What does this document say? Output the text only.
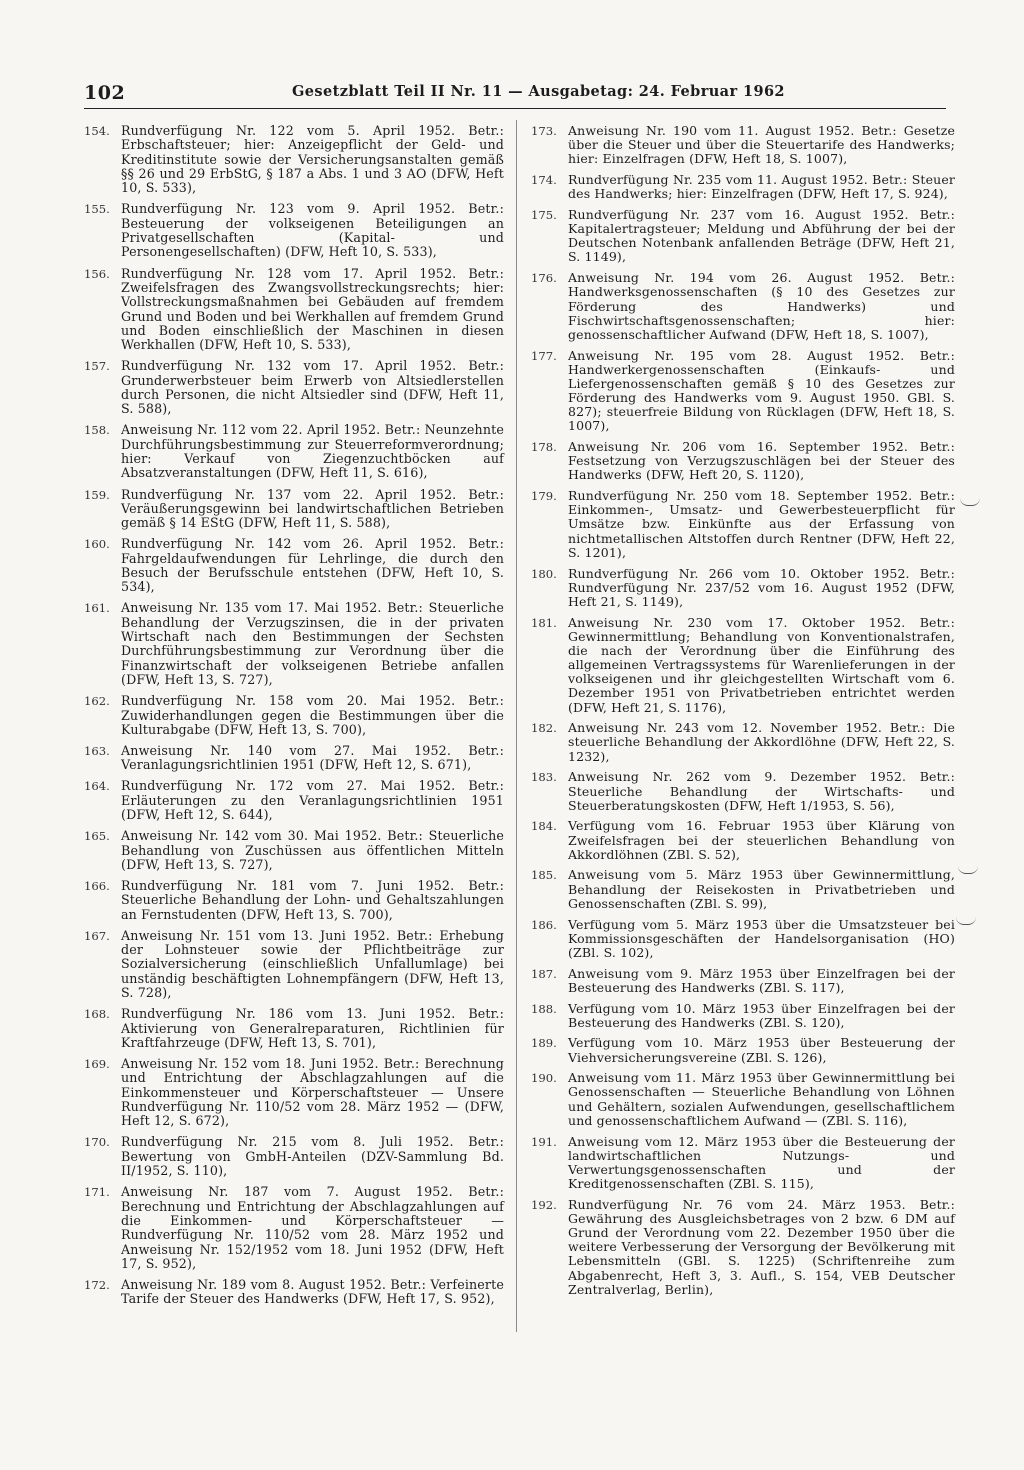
102	Gesetzblatt Teil II Nr. 11 — Ausgabetag: 24. Februar 1962
154. Rundverfügung Nr. 122 vom 5. April 1952. Betr.: Erbschaftsteuer; hier: Anzeigepflicht der Geld- und Kreditinstitute sowie der Versicherungsanstalten gemäß §§ 26 und 29 ErbStG, § 187 a Abs. 1 und 3 AO (DFW, Heft 10, S. 533),
155. Rundverfügung Nr. 123 vom 9. April 1952. Betr.: Besteuerung der volkseigenen Beteiligungen an Privatgesellschaften (Kapital- und Personengesellschaften) (DFW, Heft 10, S. 533),
156. Rundverfügung Nr. 128 vom 17. April 1952. Betr.: Zweifelsfragen des Zwangsvollstreckungsrechts; hier: Vollstreckungsmaßnahmen bei Gebäuden auf fremdem Grund und Boden und bei Werkhallen auf fremdem Grund und Boden einschließlich der Maschinen in diesen Werkhallen (DFW, Heft 10, S. 533),
157. Rundverfügung Nr. 132 vom 17. April 1952. Betr.: Grunderwerbsteuer beim Erwerb von Altsiedlerstellen durch Personen, die nicht Altsiedler sind (DFW, Heft 11, S. 588),
158. Anweisung Nr. 112 vom 22. April 1952. Betr.: Neunzehnte Durchführungsbestimmung zur Steuerreformverordnung; hier: Verkauf von Ziegenzuchtböcken auf Absatzveranstaltungen (DFW, Heft 11, S. 616),
159. Rundverfügung Nr. 137 vom 22. April 1952. Betr.: Veräußerungsgewinn bei landwirtschaftlichen Betrieben gemäß § 14 EStG (DFW, Heft 11, S. 588),
160. Rundverfügung Nr. 142 vom 26. April 1952. Betr.: Fahrgeldaufwendungen für Lehrlinge, die durch den Besuch der Berufsschule entstehen (DFW, Heft 10, S. 534),
161. Anweisung Nr. 135 vom 17. Mai 1952. Betr.: Steuerliche Behandlung der Verzugszinsen, die in der privaten Wirtschaft nach den Bestimmungen der Sechsten Durchführungsbestimmung zur Verordnung über die Finanzwirtschaft der volkseigenen Betriebe anfallen (DFW, Heft 13, S. 727),
162. Rundverfügung Nr. 158 vom 20. Mai 1952. Betr.: Zuwiderhandlungen gegen die Bestimmungen über die Kulturabgabe (DFW, Heft 13, S. 700),
163. Anweisung Nr. 140 vom 27. Mai 1952. Betr.: Veranlagungsrichtlinien 1951 (DFW, Heft 12, S. 671),
164. Rundverfügung Nr. 172 vom 27. Mai 1952. Betr.: Erläuterungen zu den Veranlagungsrichtlinien 1951 (DFW, Heft 12, S. 644),
165. Anweisung Nr. 142 vom 30. Mai 1952. Betr.: Steuerliche Behandlung von Zuschüssen aus öffentlichen Mitteln (DFW, Heft 13, S. 727),
166. Rundverfügung Nr. 181 vom 7. Juni 1952. Betr.: Steuerliche Behandlung der Lohn- und Gehaltszahlungen an Fernstudenten (DFW, Heft 13, S. 700),
167. Anweisung Nr. 151 vom 13. Juni 1952. Betr.: Erhebung der Lohnsteuer sowie der Pflichtbeiträge zur Sozialversicherung (einschließlich Unfallumlage) bei unständig beschäftigten Lohnempfängern (DFW, Heft 13, S. 728),
168. Rundverfügung Nr. 186 vom 13. Juni 1952. Betr.: Aktivierung von Generalreparaturen, Richtlinien für Kraftfahrzeuge (DFW, Heft 13, S. 701),
169. Anweisung Nr. 152 vom 18. Juni 1952. Betr.: Berechnung und Entrichtung der Abschlagzahlungen auf die Einkommensteuer und Körperschaftsteuer — Unsere Rundverfügung Nr. 110/52 vom 28. März 1952 — (DFW, Heft 12, S. 672),
170. Rundverfügung Nr. 215 vom 8. Juli 1952. Betr.: Bewertung von GmbH-Anteilen (DZV-Sammlung Bd. II/1952, S. 110),
171. Anweisung Nr. 187 vom 7. August 1952. Betr.: Berechnung und Entrichtung der Abschlagzahlungen auf die Einkommen- und Körperschaftsteuer — Rundverfügung Nr. 110/52 vom 28. März 1952 und Anweisung Nr. 152/1952 vom 18. Juni 1952 (DFW, Heft 17, S. 952),
172. Anweisung Nr. 189 vom 8. August 1952. Betr.: Verfeinerte Tarife der Steuer des Handwerks (DFW, Heft 17, S. 952),
173. Anweisung Nr. 190 vom 11. August 1952. Betr.: Gesetze über die Steuer und über die Steuertarife des Handwerks; hier: Einzelfragen (DFW, Heft 18, S. 1007),
174. Rundverfügung Nr. 235 vom 11. August 1952. Betr.: Steuer des Handwerks; hier: Einzelfragen (DFW, Heft 17, S. 924),
175. Rundverfügung Nr. 237 vom 16. August 1952. Betr.: Kapitalertragsteuer; Meldung und Abführung der bei der Deutschen Notenbank anfallenden Beträge (DFW, Heft 21, S. 1149),
176. Anweisung Nr. 194 vom 26. August 1952. Betr.: Handwerksgenossenschaften (§ 10 des Gesetzes zur Förderung des Handwerks) und Fischwirtschaftsgenossenschaften; hier: genossenschaftlicher Aufwand (DFW, Heft 18, S. 1007),
177. Anweisung Nr. 195 vom 28. August 1952. Betr.: Handwerkergenossenschaften (Einkaufs- und Liefergenossenschaften gemäß § 10 des Gesetzes zur Förderung des Handwerks vom 9. August 1950. GBl. S. 827); steuerfreie Bildung von Rücklagen (DFW, Heft 18, S. 1007),
178. Anweisung Nr. 206 vom 16. September 1952. Betr.: Festsetzung von Verzugszuschlägen bei der Steuer des Handwerks (DFW, Heft 20, S. 1120),
179. Rundverfügung Nr. 250 vom 18. September 1952. Betr.: Einkommen-, Umsatz- und Gewerbesteuerpflicht für Umsätze bzw. Einkünfte aus der Erfassung von nichtmetallischen Altstoffen durch Rentner (DFW, Heft 22, S. 1201),
180. Rundverfügung Nr. 266 vom 10. Oktober 1952. Betr.: Rundverfügung Nr. 237/52 vom 16. August 1952 (DFW, Heft 21, S. 1149),
181. Anweisung Nr. 230 vom 17. Oktober 1952. Betr.: Gewinnermittlung; Behandlung von Konventionalstrafen, die nach der Verordnung über die Einführung des allgemeinen Vertragssystems für Warenlieferungen in der volkseigenen und ihr gleichgestellten Wirtschaft vom 6. Dezember 1951 von Privatbetrieben entrichtet werden (DFW, Heft 21, S. 1176),
182. Anweisung Nr. 243 vom 12. November 1952. Betr.: Die steuerliche Behandlung der Akkordlöhne (DFW, Heft 22, S. 1232),
183. Anweisung Nr. 262 vom 9. Dezember 1952. Betr.: Steuerliche Behandlung der Wirtschafts- und Steuerberatungskosten (DFW, Heft 1/1953, S. 56),
184. Verfügung vom 16. Februar 1953 über Klärung von Zweifelsfragen bei der steuerlichen Behandlung von Akkordlöhnen (ZBl. S. 52),
185. Anweisung vom 5. März 1953 über Gewinnermittlung, Behandlung der Reisekosten in Privatbetrieben und Genossenschaften (ZBl. S. 99),
186. Verfügung vom 5. März 1953 über die Umsatzsteuer bei Kommissionsgeschäften der Handelsorganisation (HO) (ZBl. S. 102),
187. Anweisung vom 9. März 1953 über Einzelfragen bei der Besteuerung des Handwerks (ZBl. S. 117),
188. Verfügung vom 10. März 1953 über Einzelfragen bei der Besteuerung des Handwerks (ZBl. S. 120),
189. Verfügung vom 10. März 1953 über Besteuerung der Viehversicherungsvereine (ZBl. S. 126),
190. Anweisung vom 11. März 1953 über Gewinnermittlung bei Genossenschaften — Steuerliche Behandlung von Löhnen und Gehältern, sozialen Aufwendungen, gesellschaftlichem und genossenschaftlichem Aufwand — (ZBl. S. 116),
191. Anweisung vom 12. März 1953 über die Besteuerung der landwirtschaftlichen Nutzungs- und Verwertungsgenossenschaften und der Kreditgenossenschaften (ZBl. S. 115),
192. Rundverfügung Nr. 76 vom 24. März 1953. Betr.: Gewährung des Ausgleichsbetrages von 2 bzw. 6 DM auf Grund der Verordnung vom 22. Dezember 1950 über die weitere Verbesserung der Versorgung der Bevölkerung mit Lebensmitteln (GBl. S. 1225) (Schriftenreihe zum Abgabenrecht, Heft 3, 3. Aufl., S. 154, VEB Deutscher Zentralverlag, Berlin),
